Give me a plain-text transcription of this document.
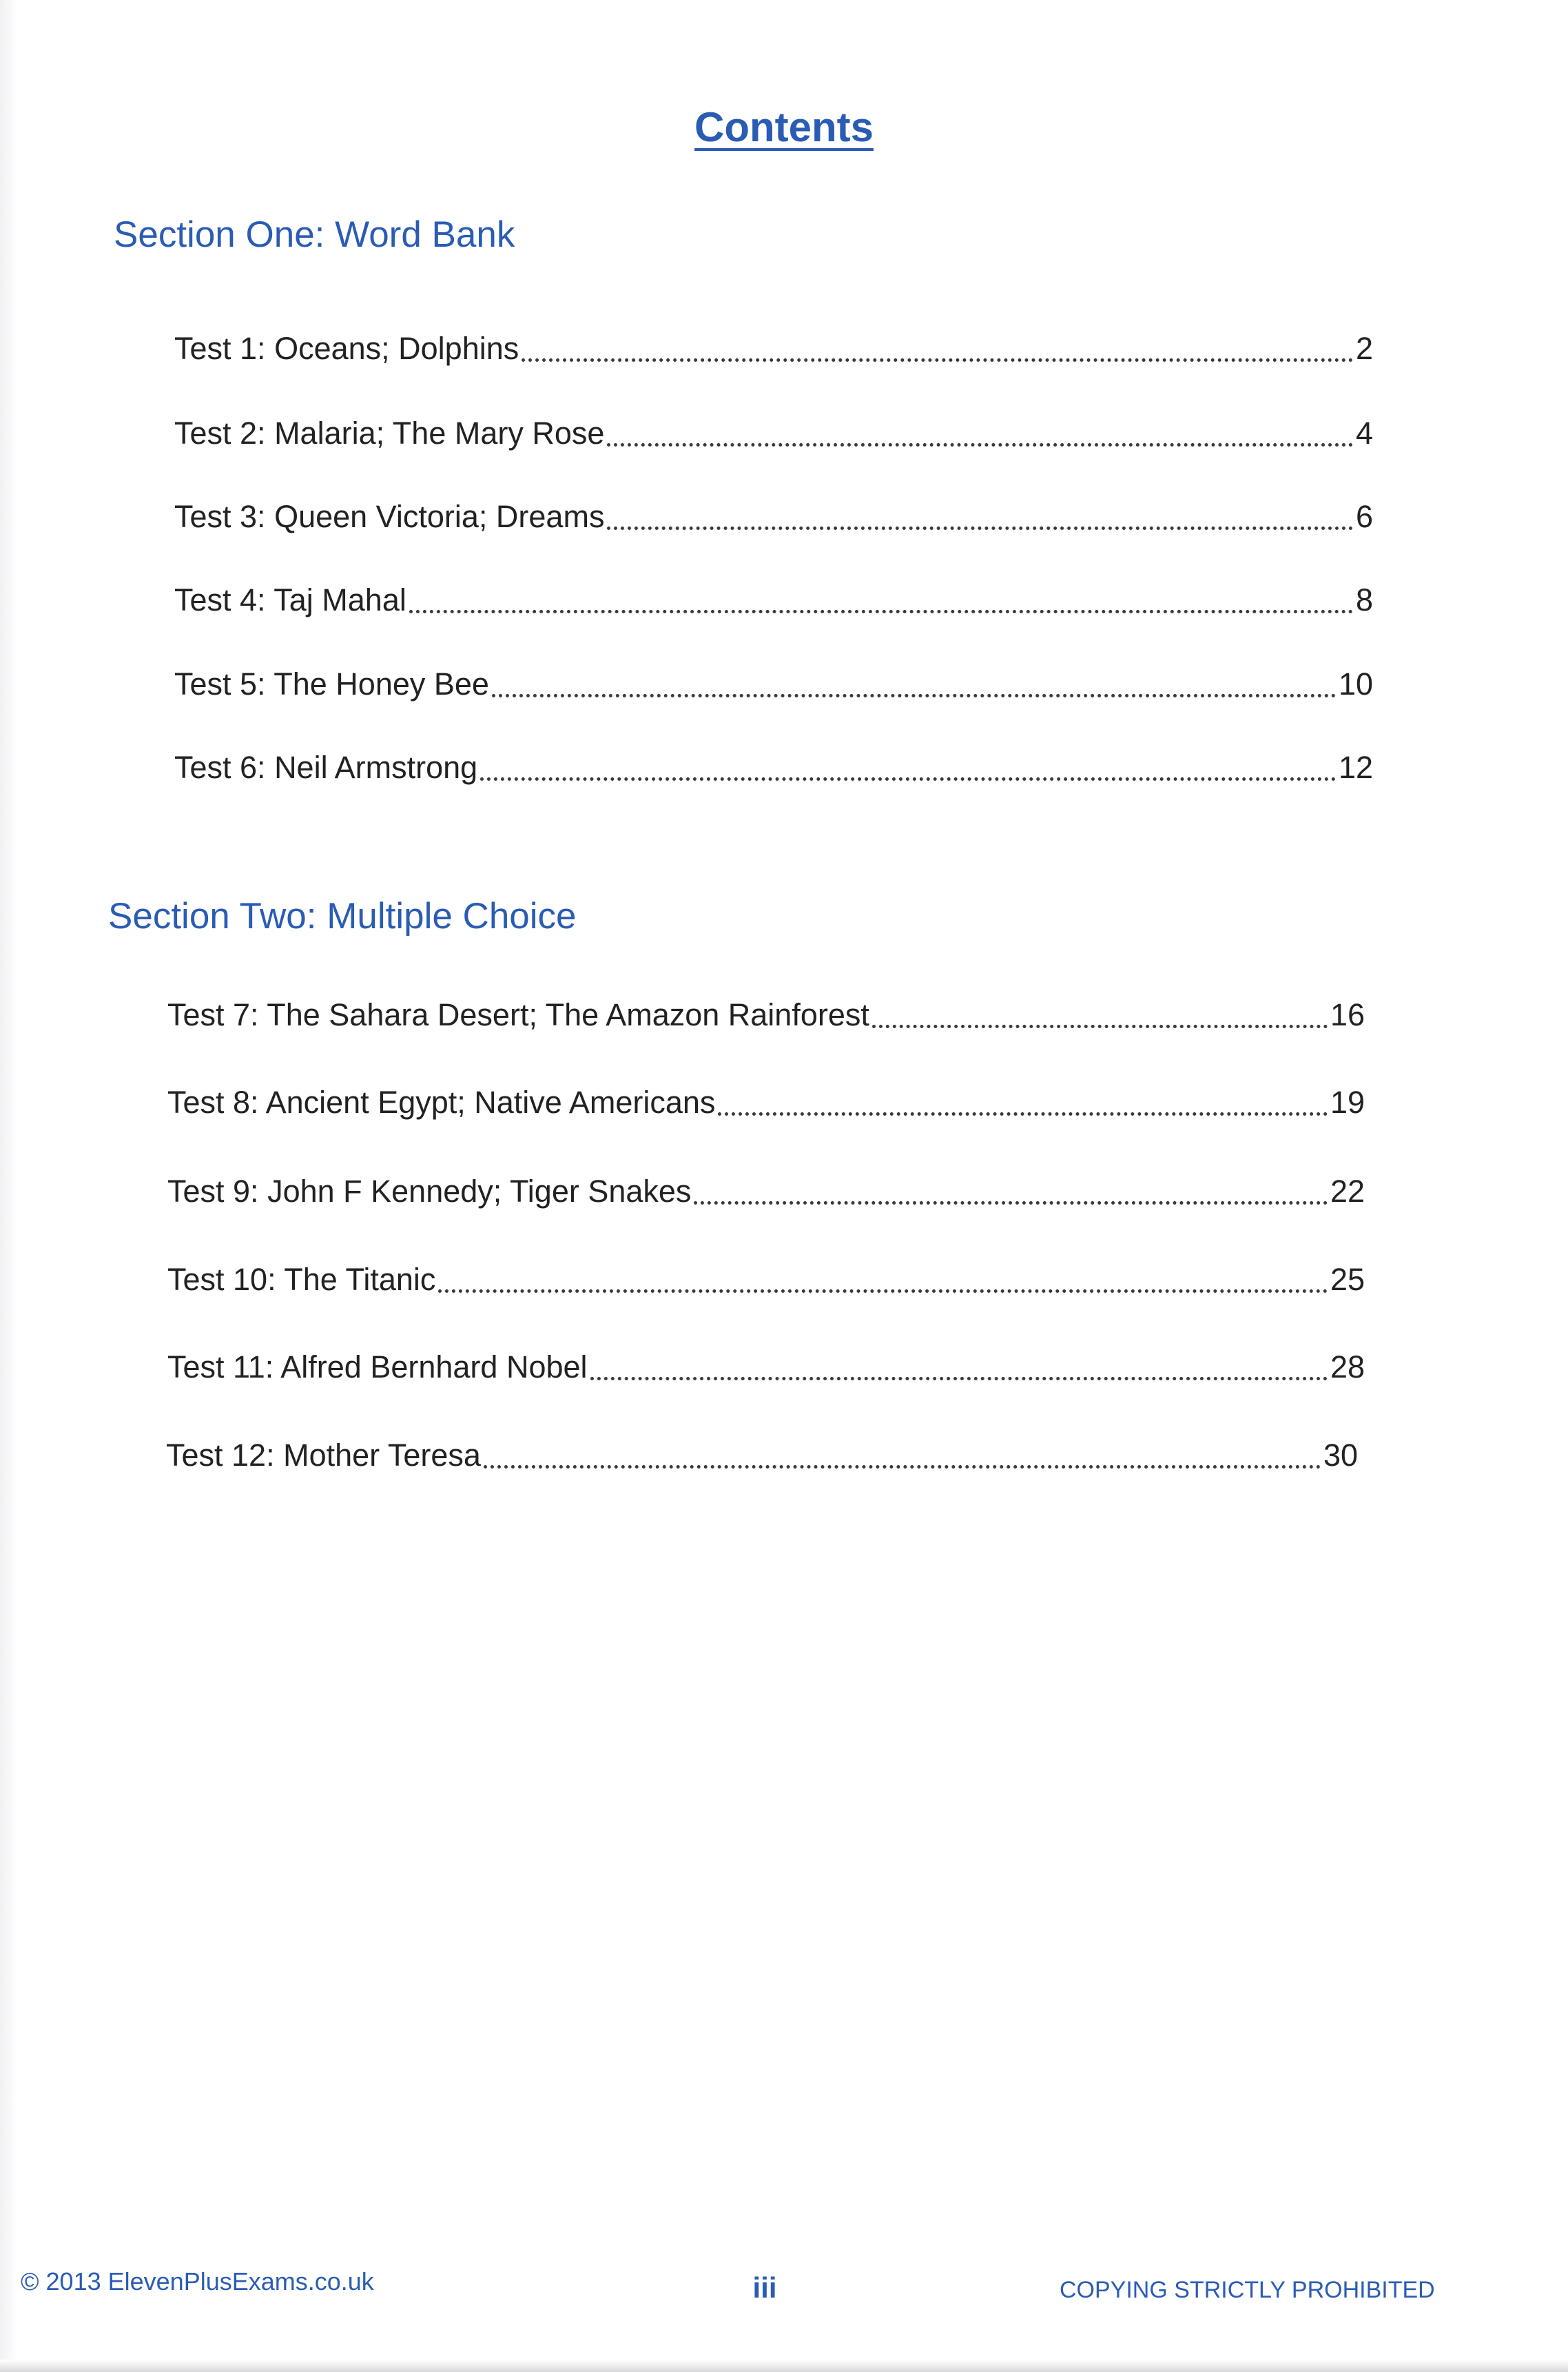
Contents
Section One: Word Bank
Test 1: Oceans; Dolphins	2
Test 2: Malaria; The Mary Rose	4
Test 3: Queen Victoria; Dreams	6
Test 4: Taj Mahal	8
Test 5: The Honey Bee	10
Test 6: Neil Armstrong	12
Section Two: Multiple Choice
Test 7: The Sahara Desert; The Amazon Rainforest	16
Test 8: Ancient Egypt; Native Americans	19
Test 9: John F Kennedy; Tiger Snakes	22
Test 10: The Titanic	25
Test 11: Alfred Bernhard Nobel	28
Test 12: Mother Teresa	30
© 2013 ElevenPlusExams.co.uk	iii	COPYING STRICTLY PROHIBITED
